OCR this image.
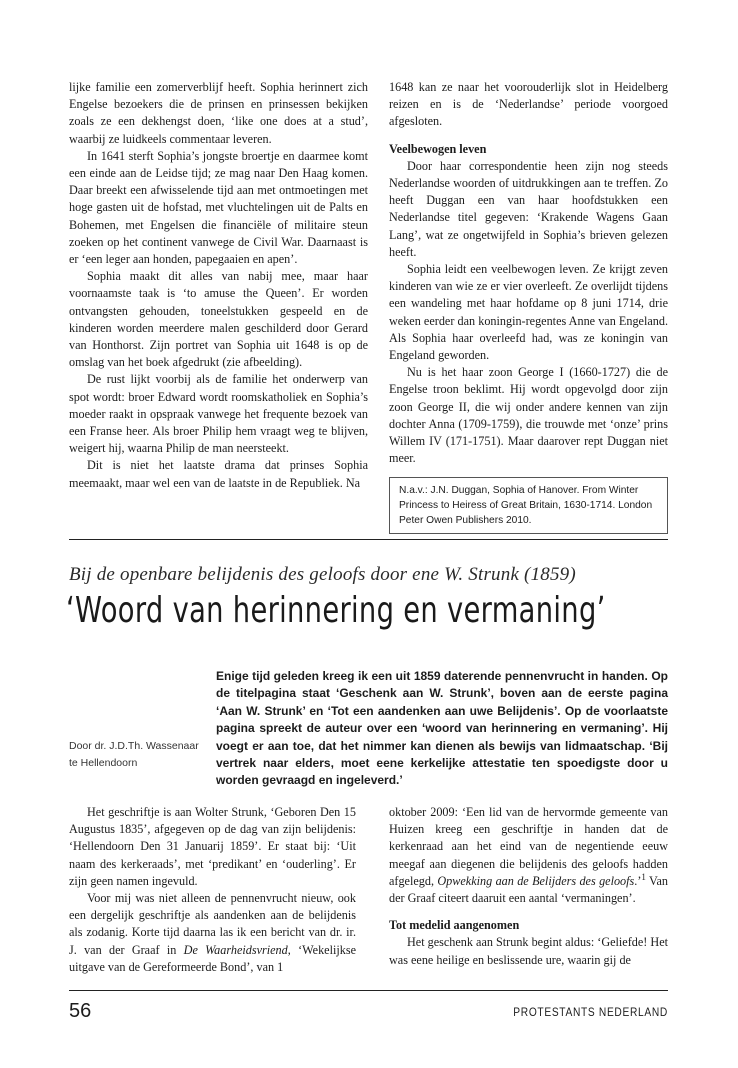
lijke familie een zomerverblijf heeft. Sophia herinnert zich Engelse bezoekers die de prinsen en prinsessen bekijken zoals ze een dekhengst doen, ‘like one does at a stud’, waarbij ze luidkeels commentaar leveren.

In 1641 sterft Sophia’s jongste broertje en daarmee komt een einde aan de Leidse tijd; ze mag naar Den Haag komen. Daar breekt een afwisselende tijd aan met ontmoetingen met hoge gasten uit de hofstad, met vluchtelingen uit de Palts en Bohemen, met Engelsen die financiële of militaire steun zoeken op het continent vanwege de Civil War. Daarnaast is er ‘een leger aan honden, papegaaien en apen’.

Sophia maakt dit alles van nabij mee, maar haar voornaamste taak is ‘to amuse the Queen’. Er worden ontvangsten gehouden, toneelstukken gespeeld en de kinderen worden meerdere malen geschilderd door Gerard van Honthorst. Zijn portret van Sophia uit 1648 is op de omslag van het boek afgedrukt (zie afbeelding).

De rust lijkt voorbij als de familie het onderwerp van spot wordt: broer Edward wordt roomskatholiek en Sophia’s moeder raakt in opspraak vanwege het frequente bezoek van een Franse heer. Als broer Philip hem vraagt weg te blijven, weigert hij, waarna Philip de man neersteekt.

Dit is niet het laatste drama dat prinses Sophia meemaakt, maar wel een van de laatste in de Republiek. Na

1648 kan ze naar het voorouderlijk slot in Heidelberg reizen en is de ‘Nederlandse’ periode voorgoed afgesloten.

Veelbewogen leven

Door haar correspondentie heen zijn nog steeds Nederlandse woorden of uitdrukkingen aan te treffen. Zo heeft Duggan een van haar hoofdstukken een Nederlandse titel gegeven: ‘Krakende Wagens Gaan Lang’, wat ze ongetwijfeld in Sophia’s brieven gelezen heeft.

Sophia leidt een veelbewogen leven. Ze krijgt zeven kinderen van wie ze er vier overleeft. Ze overlijdt tijdens een wandeling met haar hofdame op 8 juni 1714, drie weken eerder dan koningin-regentes Anne van Engeland. Als Sophia haar overleefd had, was ze koningin van Engeland geworden.

Nu is het haar zoon George I (1660-1727) die de Engelse troon beklimt. Hij wordt opgevolgd door zijn zoon George II, die wij onder andere kennen van zijn dochter Anna (1709-1759), die trouwde met ‘onze’ prins Willem IV (171-1751). Maar daarover rept Duggan niet meer.

N.a.v.: J.N. Duggan, Sophia of Hanover. From Winter Princess to Heiress of Great Britain, 1630-1714. London Peter Owen Publishers 2010.
Bij de openbare belijdenis des geloofs door ene W. Strunk (1859)
‘Woord van herinnering en vermaning’
Door dr. J.D.Th. Wassenaar
te Hellendoorn
Enige tijd geleden kreeg ik een uit 1859 daterende pennenvrucht in handen. Op de titelpagina staat ‘Geschenk aan W. Strunk’, boven aan de eerste pagina ‘Aan W. Strunk’ en ‘Tot een aandenken aan uwe Belijdenis’. Op de voorlaatste pagina spreekt de auteur over een ‘woord van herinnering en vermaning’. Hij voegt er aan toe, dat het nimmer kan dienen als bewijs van lidmaatschap. ‘Bij vertrek naar elders, moet eene kerkelijke attestatie ten spoedigste door u worden gevraagd en ingeleverd.’

Het geschriftje is aan Wolter Strunk, ‘Geboren Den 15 Augustus 1835’, afgegeven op de dag van zijn belijdenis: ‘Hellendoorn Den 31 Januarij 1859’. Er staat bij: ‘Uit naam des kerkeraads’, met ‘predikant’ en ‘ouderling’. Er zijn geen namen ingevuld.

Voor mij was niet alleen de pennenvrucht nieuw, ook een dergelijk geschriftje als aandenken aan de belijdenis als zodanig. Korte tijd daarna las ik een bericht van dr. ir. J. van der Graaf in De Waarheidsvriend, ‘Wekelijkse uitgave van de Gereformeerde Bond’, van 1

oktober 2009: ‘Een lid van de hervormde gemeente van Huizen kreeg een geschriftje in handen dat de kerkenraad aan het eind van de negentiende eeuw meegaf aan diegenen die belijdenis des geloofs hadden afgelegd, Opwekking aan de Belijders des geloofs.’$^1$ Van der Graaf citeert daaruit een aantal ‘vermaningen’.

Tot medelid aangenomen

Het geschenk aan Strunk begint aldus: ‘Geliefde! Het was eene heilige en beslissende ure, waarin gij de

56	PROTESTANTS NEDERLAND
